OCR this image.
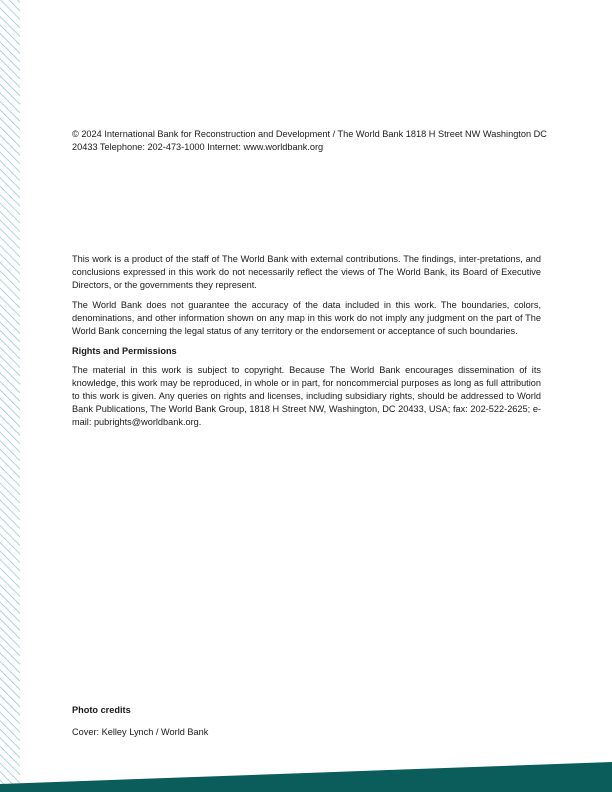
© 2024 International Bank for Reconstruction and Development / The World Bank 1818 H Street NW Washington DC 20433 Telephone: 202-473-1000 Internet: www.worldbank.org

This work is a product of the staff of The World Bank with external contributions. The findings, inter-pretations, and conclusions expressed in this work do not necessarily reflect the views of The World Bank, its Board of Executive Directors, or the governments they represent.

The World Bank does not guarantee the accuracy of the data included in this work. The boundaries, colors, denominations, and other information shown on any map in this work do not imply any judgment on the part of The World Bank concerning the legal status of any territory or the endorsement or acceptance of such boundaries.

Rights and Permissions

The material in this work is subject to copyright. Because The World Bank encourages dissemination of its knowledge, this work may be reproduced, in whole or in part, for noncommercial purposes as long as full attribution to this work is given. Any queries on rights and licenses, including subsidiary rights, should be addressed to World Bank Publications, The World Bank Group, 1818 H Street NW, Washington, DC 20433, USA; fax: 202-522-2625; e-mail: pubrights@worldbank.org.

Photo credits

Cover: Kelley Lynch / World Bank
